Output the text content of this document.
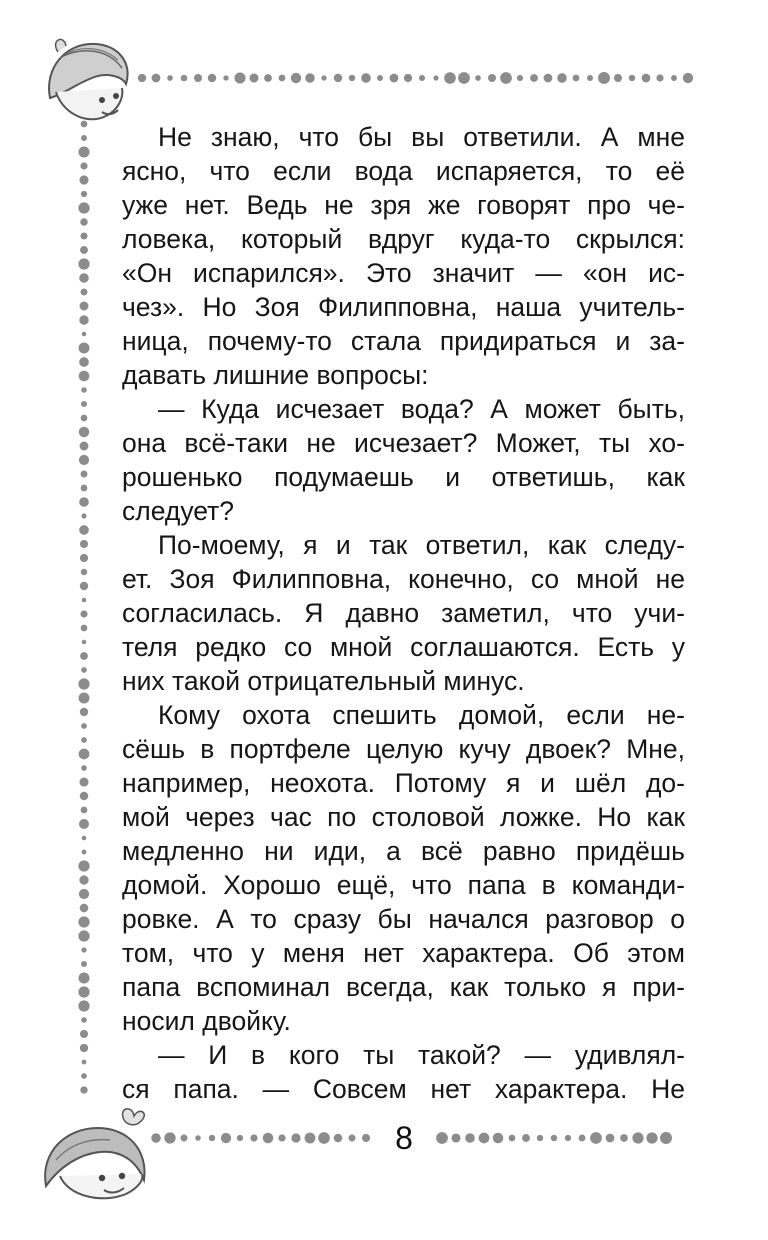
Не знаю, что бы вы ответили. А мне
ясно, что если вода испаряется, то её
уже нет. Ведь не зря же говорят про че-
ловека, который вдруг куда-то скрылся:
«Он испарился». Это значит — «он ис-
чез». Но Зоя Филипповна, наша учитель-
ница, почему-то стала придираться и за-
давать лишние вопросы:
— Куда исчезает вода? А может быть,
она всё-таки не исчезает? Может, ты хо-
рошенько подумаешь и ответишь, как
следует?
По-моему, я и так ответил, как следу-
ет. Зоя Филипповна, конечно, со мной не
согласилась. Я давно заметил, что учи-
теля редко со мной соглашаются. Есть у
них такой отрицательный минус.
Кому охота спешить домой, если не-
сёшь в портфеле целую кучу двоек? Мне,
например, неохота. Потому я и шёл до-
мой через час по столовой ложке. Но как
медленно ни иди, а всё равно придёшь
домой. Хорошо ещё, что папа в команди-
ровке. А то сразу бы начался разговор о
том, что у меня нет характера. Об этом
папа вспоминал всегда, как только я при-
носил двойку.
— И в кого ты такой? — удивлял-
ся папа. — Совсем нет характера. Не
8
